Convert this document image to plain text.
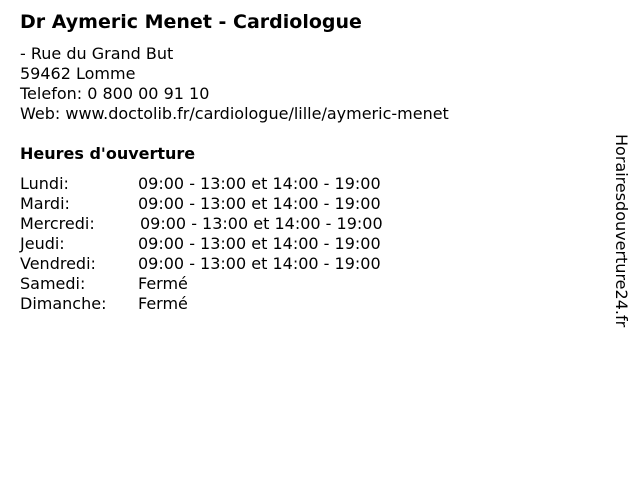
Dr Aymeric Menet - Cardiologue
- Rue du Grand But
59462 Lomme
Telefon: 0 800 00 91 10
Web: www.doctolib.fr/cardiologue/lille/aymeric-menet
Heures d'ouverture
Lundi:	09:00 - 13:00 et 14:00 - 19:00
Mardi:	09:00 - 13:00 et 14:00 - 19:00
Mercredi:	09:00 - 13:00 et 14:00 - 19:00
Jeudi:	09:00 - 13:00 et 14:00 - 19:00
Vendredi:	09:00 - 13:00 et 14:00 - 19:00
Samedi:	Fermé
Dimanche: Fermé	Horairesdouverture24.fr
